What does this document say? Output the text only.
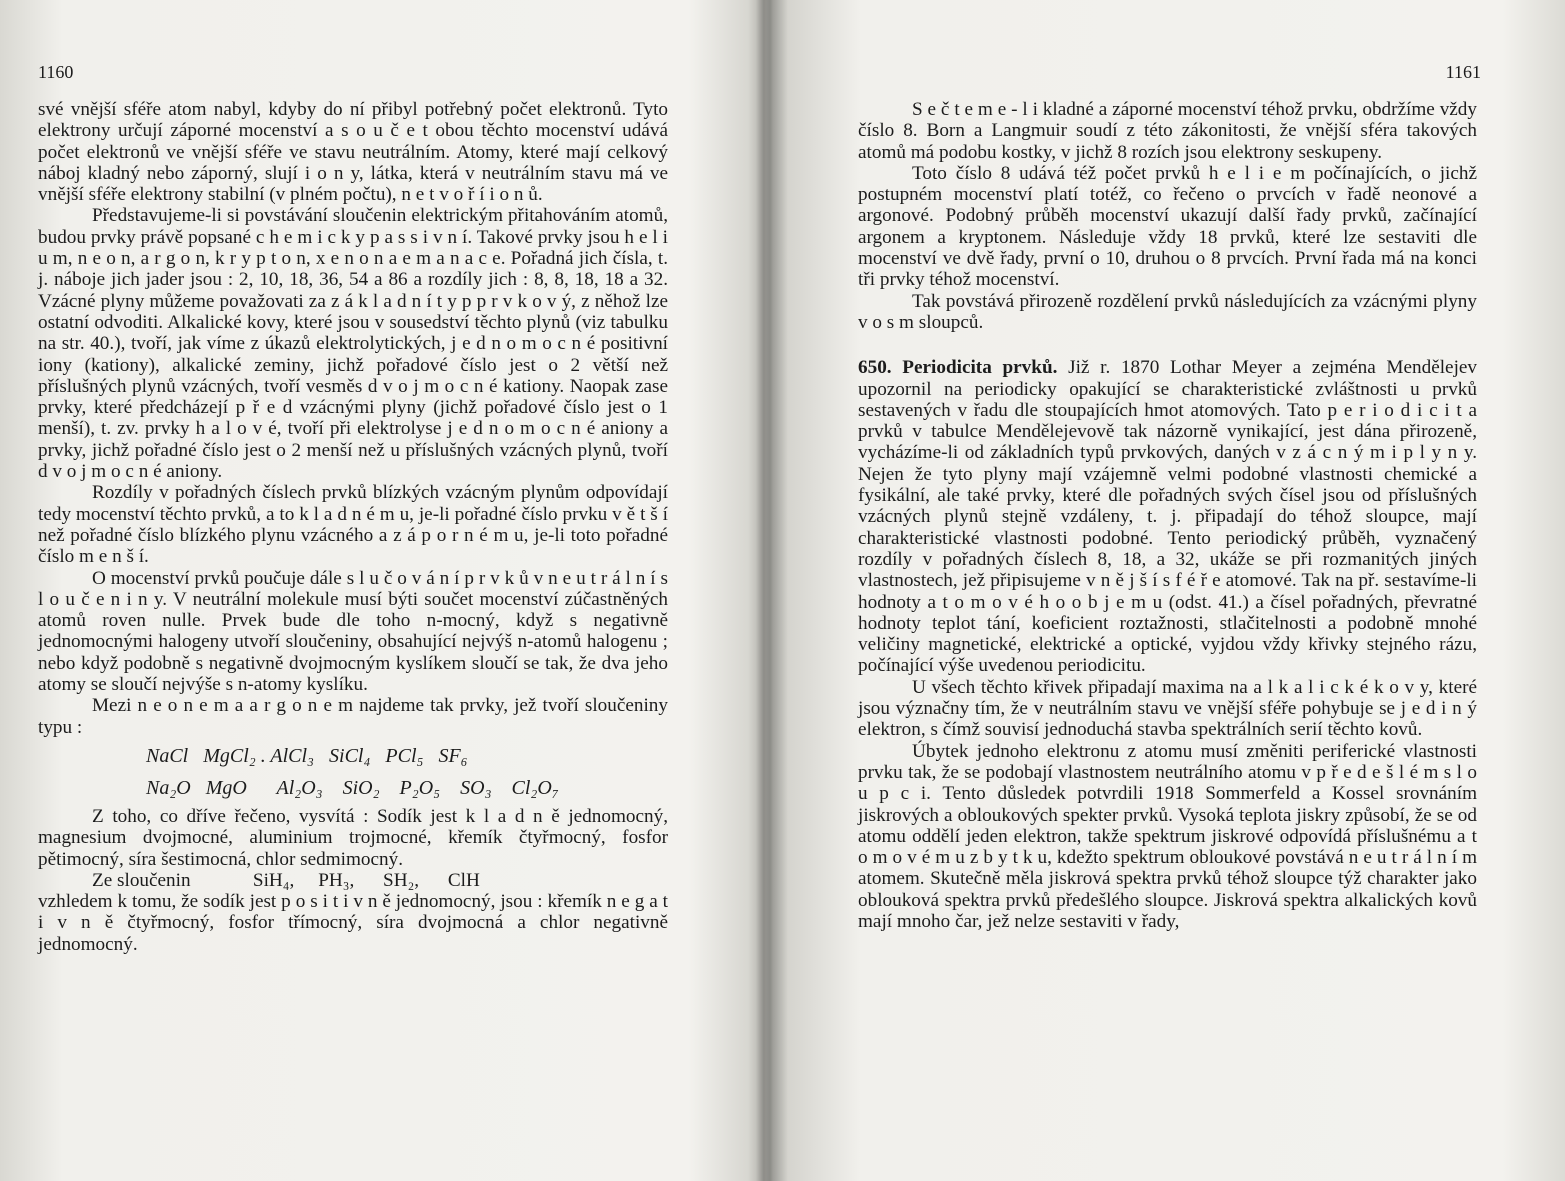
1160

své vnější sféře atom nabyl, kdyby do ní přibyl potřebný počet elektronů. Tyto elektrony určují záporné mocenství a s o u č e t obou těchto mocenství udává počet elektronů ve vnější sféře ve stavu neutrálním. Atomy, které mají celkový náboj kladný nebo záporný, slují i o n y, látka, která v neutrálním stavu má ve vnější sféře elektrony stabilní (v plném počtu), n e t v o ř í i o n ů.

Představujeme-li si povstávání sloučenin elektrickým přitahováním atomů, budou prvky právě popsané c h e m i c k y p a s s i v n í. Takové prvky jsou h e l i u m, n e o n, a r g o n, k r y p t o n, x e n o n a e m a n a c e. Pořadná jich čísla, t. j. náboje jich jader jsou : 2, 10, 18, 36, 54 a 86 a rozdíly jich : 8, 8, 18, 18 a 32. Vzácné plyny můžeme považovati za z á k l a d n í t y p p r v k o v ý, z něhož lze ostatní odvoditi. Alkalické kovy, které jsou v sousedství těchto plynů (viz tabulku na str. 40.), tvoří, jak víme z úkazů elektrolytických, j e d n o m o c n é positivní iony (kationy), alkalické zeminy, jichž pořadové číslo jest o 2 větší než příslušných plynů vzácných, tvoří vesměs d v o j m o c n é kationy. Naopak zase prvky, které předcházejí p ř e d vzácnými plyny (jichž pořadové číslo jest o 1 menší), t. zv. prvky h a l o v é, tvoří při elektrolyse j e d n o m o c n é aniony a prvky, jichž pořadné číslo jest o 2 menší než u příslušných vzácných plynů, tvoří d v o j m o c n é aniony.

Rozdíly v pořadných číslech prvků blízkých vzácným plynům odpovídají tedy mocenství těchto prvků, a to k l a d n é m u, je-li pořadné číslo prvku v ě t š í než pořadné číslo blízkého plynu vzácného a z á p o r n é m u, je-li toto pořadné číslo m e n š í.

O mocenství prvků poučuje dále s l u č o v á n í p r v k ů v n e u t r á l n í s l o u č e n i n y. V neutrální molekule musí býti součet mocenství zúčastněných atomů roven nulle. Prvek bude dle toho n-mocný, když s negativně jednomocnými halogeny utvoří sloučeniny, obsahující nejvýš n-atomů halogenu ; nebo když podobně s negativně dvojmocným kyslíkem sloučí se tak, že dva jeho atomy se sloučí nejvýše s n-atomy kyslíku.

Mezi n e o n e m a a r g o n e m najdeme tak prvky, jež tvoří sloučeniny typu :

NaCl   MgCl₂ . AlCl₃   SiCl₄   PCl₅   SF₆
Na₂O   MgO      Al₂O₃    SiO₂    P₂O₅    SO₃    Cl₂O₇

Z toho, co dříve řečeno, vysvítá : Sodík jest k l a d n ě jednomocný, magnesium dvojmocné, aluminium trojmocné, křemík čtyřmocný, fosfor pětimocný, síra šestimocná, chlor sedmimocný.

Ze sloučenin             SiH₄,     PH₃,      SH₂,      ClH

vzhledem k tomu, že sodík jest p o s i t i v n ě jednomocný, jsou : křemík n e g a t i v n ě čtyřmocný, fosfor třímocný, síra dvojmocná a chlor negativně jednomocný.

1161

S e č t e m e - l i kladné a záporné mocenství téhož prvku, obdržíme vždy číslo 8. Born a Langmuir soudí z této zákonitosti, že vnější sféra takových atomů má podobu kostky, v jichž 8 rozích jsou elektrony seskupeny.

Toto číslo 8 udává též počet prvků h e l i e m počínajících, o jichž postupném mocenství platí totéž, co řečeno o prvcích v řadě neonové a argonové. Podobný průběh mocenství ukazují další řady prvků, začínající argonem a kryptonem. Následuje vždy 18 prvků, které lze sestaviti dle mocenství ve dvě řady, první o 10, druhou o 8 prvcích. První řada má na konci tři prvky téhož mocenství.

Tak povstává přirozeně rozdělení prvků následujících za vzácnými plyny v o s m sloupců.

650. Periodicita prvků. Již r. 1870 Lothar Meyer a zejména Mendělejev upozornil na periodicky opakující se charakteristické zvláštnosti u prvků sestavených v řadu dle stoupajících hmot atomových. Tato p e r i o d i c i t a prvků v tabulce Mendělejevově tak názorně vynikající, jest dána přirozeně, vycházíme-li od základních typů prvkových, daných v z á c n ý m i p l y n y. Nejen že tyto plyny mají vzájemně velmi podobné vlastnosti chemické a fysikální, ale také prvky, které dle pořadných svých čísel jsou od příslušných vzácných plynů stejně vzdáleny, t. j. připadají do téhož sloupce, mají charakteristické vlastnosti podobné. Tento periodický průběh, vyznačený rozdíly v pořadných číslech 8, 18, a 32, ukáže se při rozmanitých jiných vlastnostech, jež připisujeme v n ě j š í s f é ř e atomové. Tak na př. sestavíme-li hodnoty a t o m o v é h o o b j e m u (odst. 41.) a čísel pořadných, převratné hodnoty teplot tání, koeficient roztažnosti, stlačitelnosti a podobně mnohé veličiny magnetické, elektrické a optické, vyjdou vždy křivky stejného rázu, počínající výše uvedenou periodicitu.

U všech těchto křivek připadají maxima na a l k a l i c k é k o v y, které jsou význačny tím, že v neutrálním stavu ve vnější sféře pohybuje se j e d i n ý elektron, s čímž souvisí jednoduchá stavba spektrálních serií těchto kovů.

Úbytek jednoho elektronu z atomu musí změniti periferické vlastnosti prvku tak, že se podobají vlastnostem neutrálního atomu v p ř e d e š l é m s l o u p c i. Tento důsledek potvrdili 1918 Sommerfeld a Kossel srovnáním jiskrových a obloukových spekter prvků. Vysoká teplota jiskry způsobí, že se od atomu oddělí jeden elektron, takže spektrum jiskrové odpovídá příslušnému a t o m o v é m u z b y t k u, kdežto spektrum obloukové povstává n e u t r á l n í m atomem. Skutečně měla jiskrová spektra prvků téhož sloupce týž charakter jako oblouková spektra prvků předešlého sloupce. Jiskrová spektra alkalických kovů mají mnoho čar, jež nelze sestaviti v řady,
